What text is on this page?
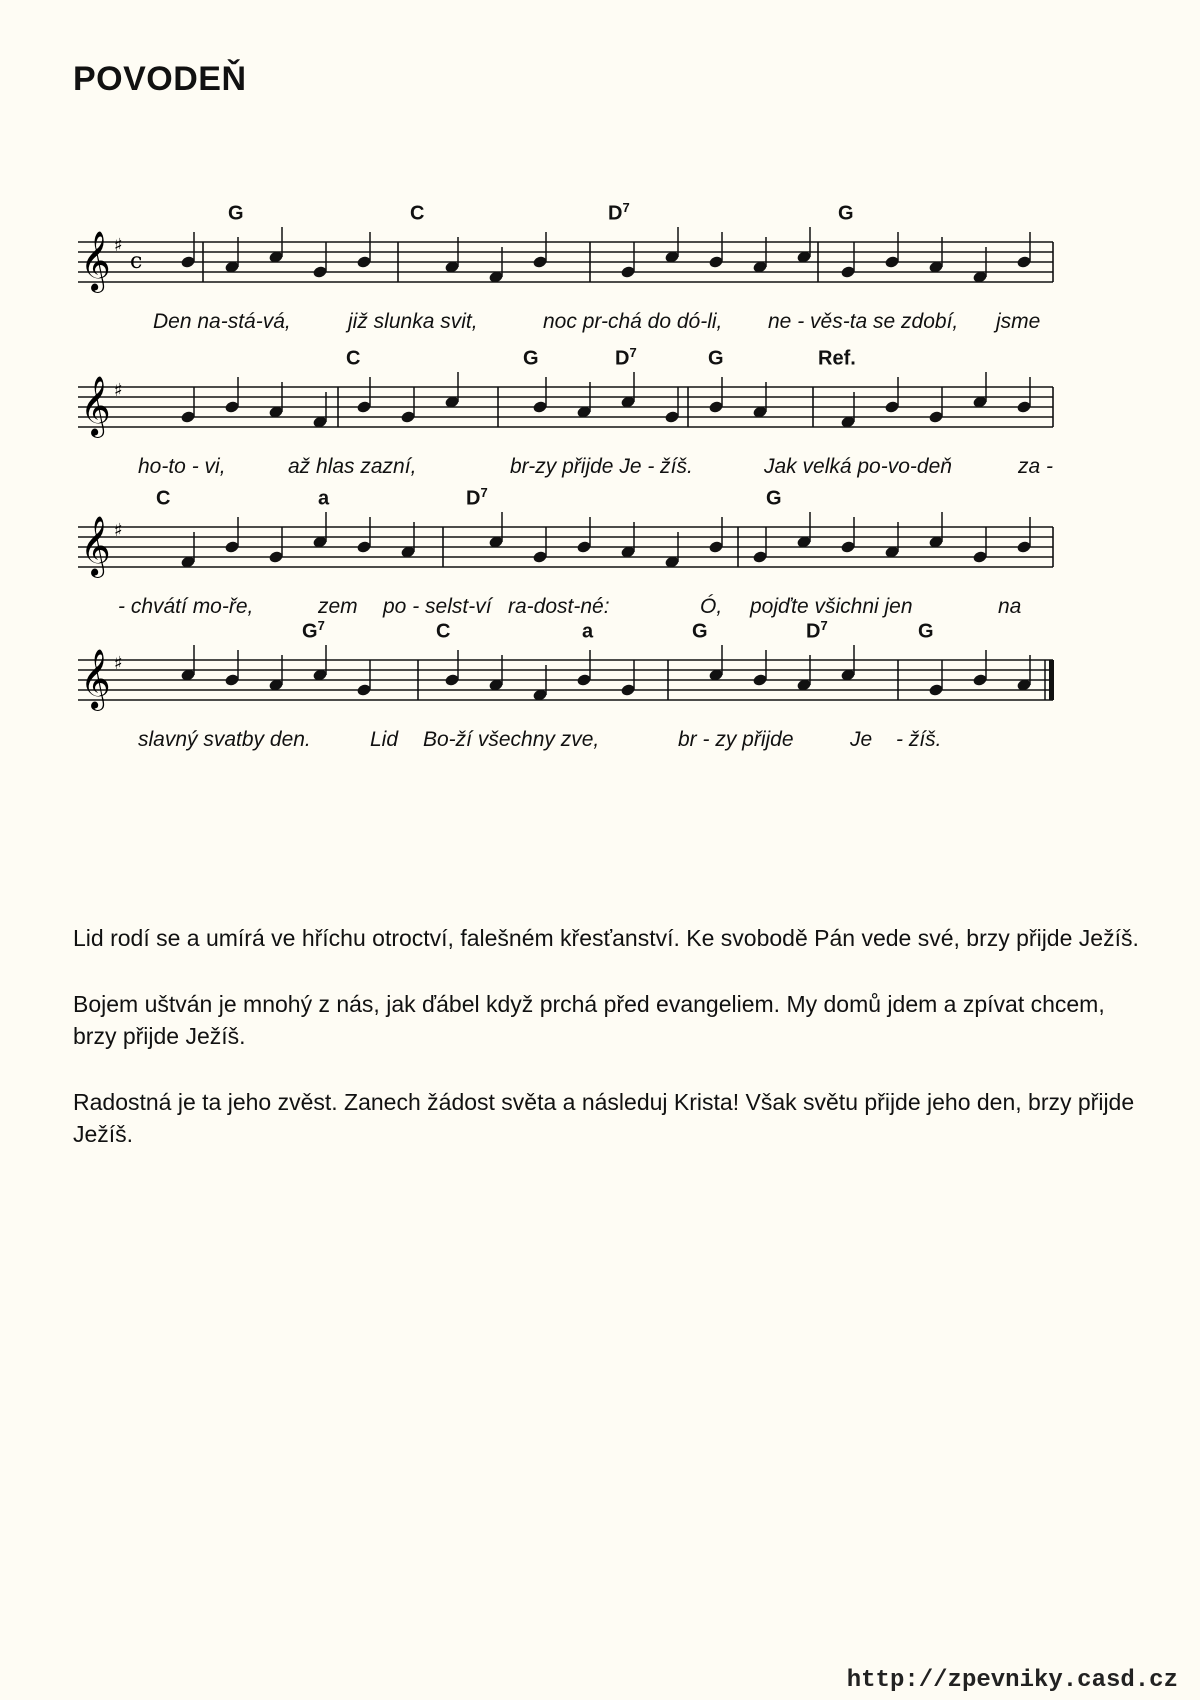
POVODEŇ
G	C	$D^7$	G
𝄞 ♯
c
Den na-stá-vá,	již slunka svit,	noc pr-chá do dó-li, ne - věs-ta se zdobí, jsme
C	G	$D^7$	G	Ref.
𝄞 ♯
ho-to - vi,	až hlas zazní,	br-zy přijde Je - žíš.	Jak velká po-vo-deň	za -
C	a	$D^7$	G
𝄞 ♯
- chvátí mo-ře,	zem po - selst-ví ra-dost-né:	Ó, pojďte všichni jen	na
$G^7$	C	a	G	$D^7$	G
𝄞 ♯
slavný svatby den.	Lid Bo-ží všechny zve,	br - zy přijde	Je - žíš.

Lid rodí se a umírá ve hříchu otroctví, falešném křesťanství. Ke svobodě Pán vede své, brzy přijde Ježíš.

Bojem uštván je mnohý z nás, jak ďábel když prchá před evangeliem. My domů jdem a zpívat chcem, brzy přijde Ježíš.

Radostná je ta jeho zvěst. Zanech žádost světa a následuj Krista! Však světu přijde jeho den, brzy přijde Ježíš.

http://zpevniky.casd.cz
